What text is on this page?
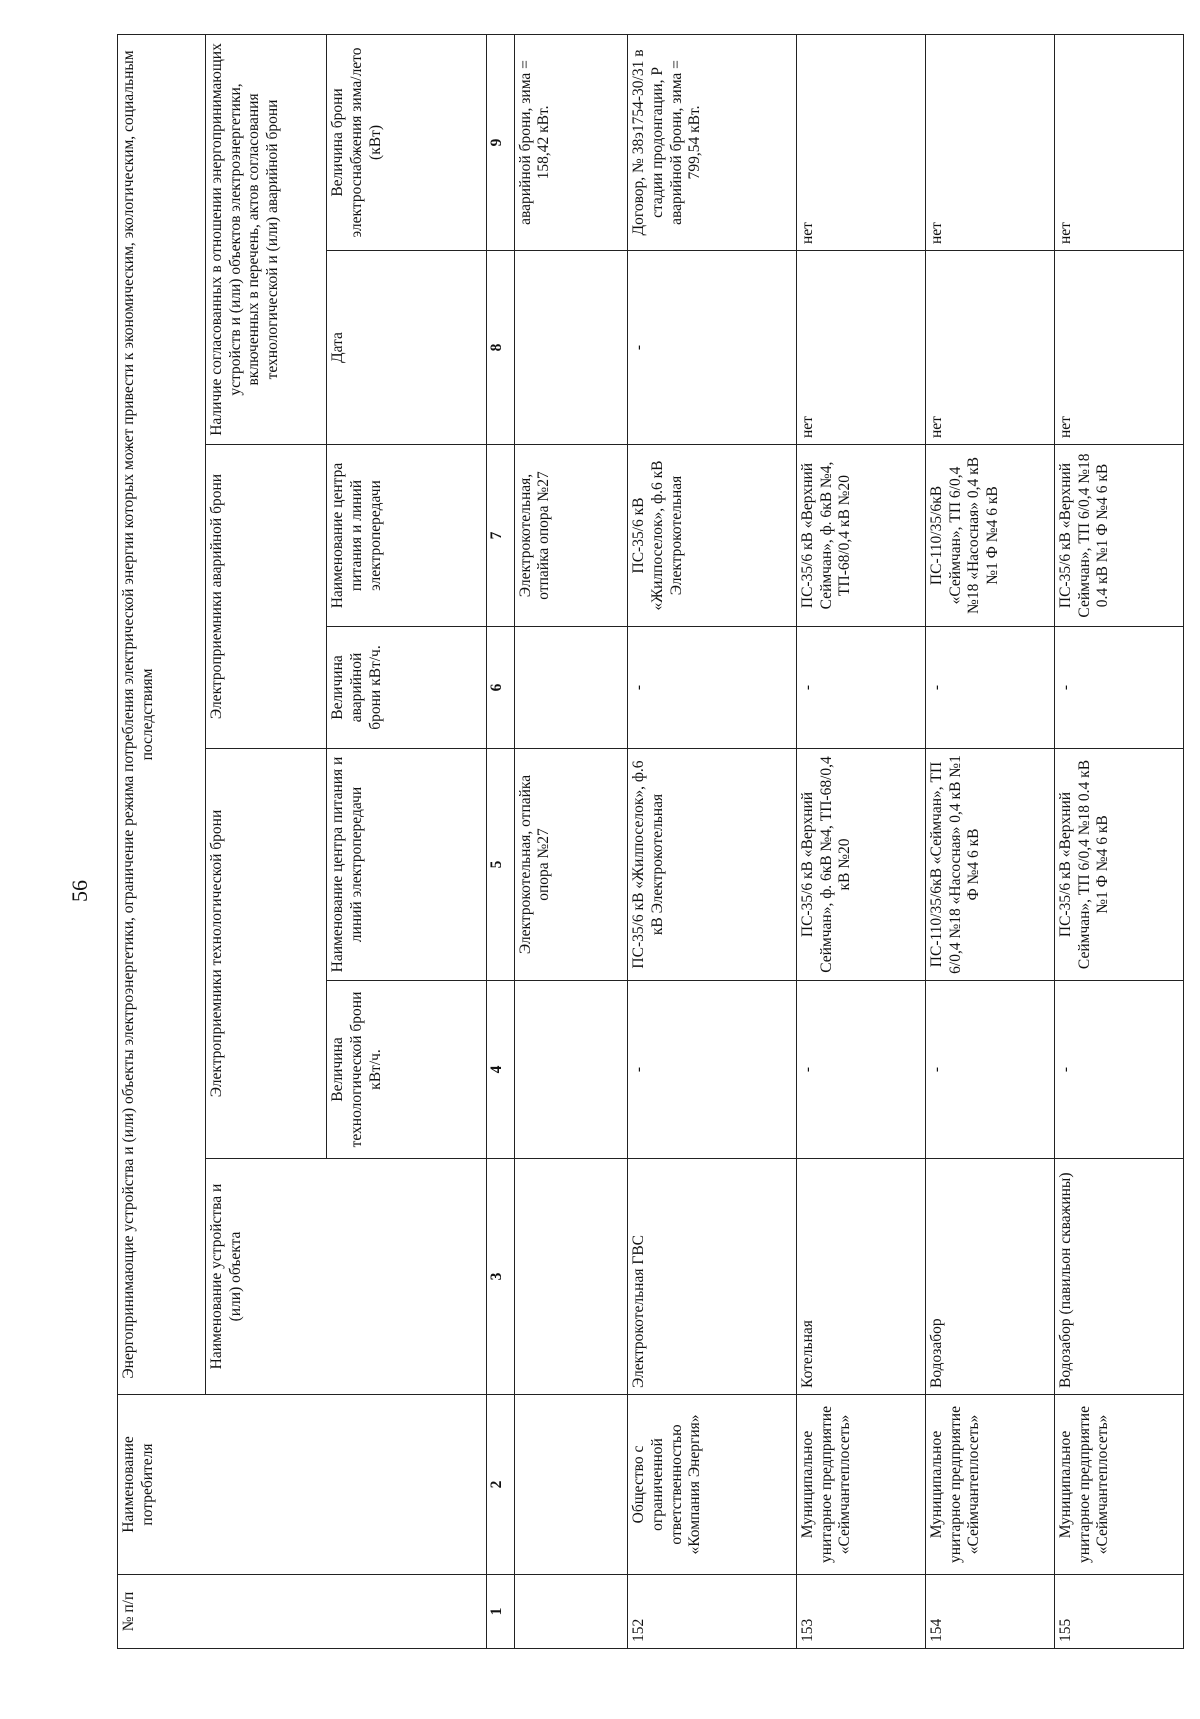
56
№ п/п	Наименование потребителя	Энергопринимающие устройства и (или) объекты электроэнергетики, ограничение режима потребления электрической энергии которых может привести к экономическим, экологическим, социальным последствиям						
		Наименование устройства и (или) объекта	Электроприемники технологической брони		Электроприемники аварийной брони		Наличие согласованных в отношении энергопринимающих устройств и (или) объектов электроэнергетики, включенных в перечень, актов согласования технологической и (или) аварийной брони	
			Величина технологической брони кВт/ч.	Наименование центра питания и линий электропередачи	Величина аварийной брони кВт/ч.	Наименование центра питания и линий электропередачи	Дата	Величина брони электроснабжения зима/лето (кВт)
1	2	3	4	5	6	7	8	9
				Электрокотельная, отпайка опора №27		Электрокотельная, отпайка опора №27		аварийной брони, зима = 158,42 кВт.
152	Общество с ограниченной ответственностью «Компания Энергия»	Электрокотельная ГВС	-	ПС-35/6 кВ «Жилпоселок», ф.6 кВ Электрокотельная	-	ПС-35/6 кВ «Жилпоселок», ф.6 кВ Электрокотельная	-	Договор, № 38э1754-30/31 в стадии продонгации, Р аварийной брони, зима = 799,54 кВт.
153	Муниципальное унитарное предприятие «Сеймчантеплосеть»	Котельная	-	ПС-35/6 кВ «Верхний Сеймчан», ф. 6кВ №4, ТП-68/0,4 кВ №20	-	ПС-35/6 кВ «Верхний Сеймчан», ф. 6кВ №4, ТП-68/0,4 кВ №20	нет	нет
154	Муниципальное унитарное предприятие «Сеймчантеплосеть»	Водозабор	-	ПС-110/35/6кВ «Сеймчан», ТП 6/0,4 №18 «Насосная» 0,4 кВ №1 Ф №4 6 кВ	-	ПС-110/35/6кВ «Сеймчан», ТП 6/0,4 №18 «Насосная» 0,4 кВ №1 Ф №4 6 кВ	нет	нет
155	Муниципальное унитарное предприятие «Сеймчантеплосеть»	Водозабор (павильон скважины)	-	ПС-35/6 кВ «Верхний Сеймчан», ТП 6/0,4 №18 0.4 кВ №1 Ф №4 6 кВ	-	ПС-35/6 кВ «Верхний Сеймчан», ТП 6/0,4 №18 0.4 кВ №1 Ф №4 6 кВ	нет	нет
